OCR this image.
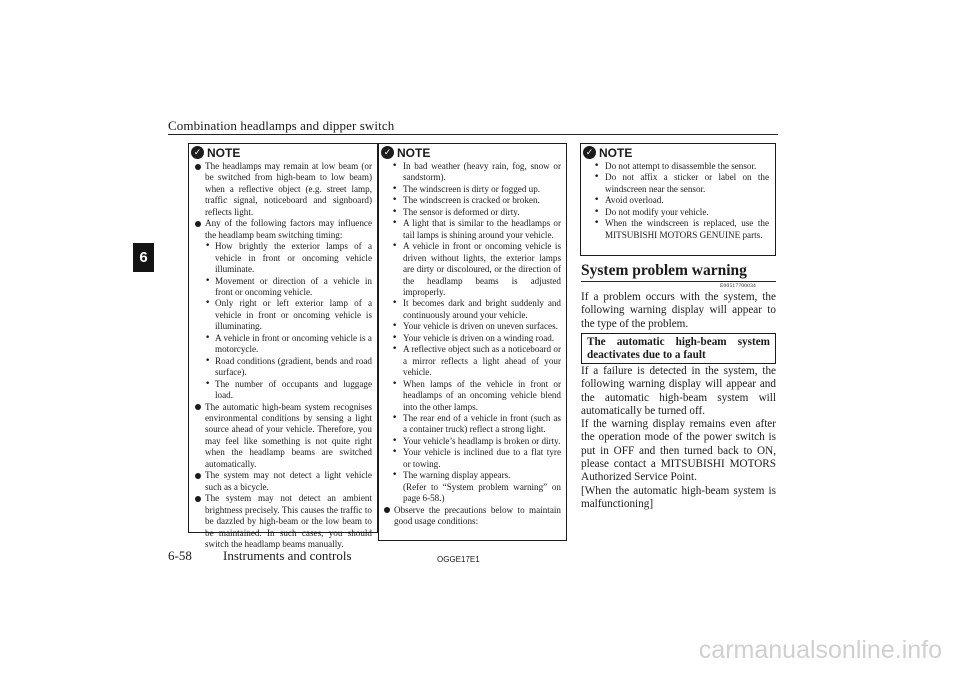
Combination headlamps and dipper switch
6
✓ NOTE
The headlamps may remain at low beam (or be switched from high-beam to low beam) when a reflective object (e.g. street lamp, traffic signal, noticeboard and signboard) reflects light.
Any of the following factors may influence the headlamp beam switching timing:
• How brightly the exterior lamps of a vehicle in front or oncoming vehicle illuminate.
• Movement or direction of a vehicle in front or oncoming vehicle.
• Only right or left exterior lamp of a vehicle in front or oncoming vehicle is illuminating.
• A vehicle in front or oncoming vehicle is a motorcycle.
• Road conditions (gradient, bends and road surface).
• The number of occupants and luggage load.
The automatic high-beam system recognises environmental conditions by sensing a light source ahead of your vehicle. Therefore, you may feel like something is not quite right when the headlamp beams are switched automatically.
The system may not detect a light vehicle such as a bicycle.
The system may not detect an ambient brightness precisely. This causes the traffic to be dazzled by high-beam or the low beam to be maintained. In such cases, you should switch the headlamp beams manually.
✓ NOTE
• In bad weather (heavy rain, fog, snow or sandstorm).
• The windscreen is dirty or fogged up.
• The windscreen is cracked or broken.
• The sensor is deformed or dirty.
• A light that is similar to the headlamps or tail lamps is shining around your vehicle.
• A vehicle in front or oncoming vehicle is driven without lights, the exterior lamps are dirty or discoloured, or the direction of the headlamp beams is adjusted improperly.
• It becomes dark and bright suddenly and continuously around your vehicle.
• Your vehicle is driven on uneven surfaces.
• Your vehicle is driven on a winding road.
• A reflective object such as a noticeboard or a mirror reflects a light ahead of your vehicle.
• When lamps of the vehicle in front or headlamps of an oncoming vehicle blend into the other lamps.
• The rear end of a vehicle in front (such as a container truck) reflect a strong light.
• Your vehicle’s headlamp is broken or dirty.
• Your vehicle is inclined due to a flat tyre or towing.
• The warning display appears.
(Refer to “System problem warning” on page 6-58.)
Observe the precautions below to maintain good usage conditions:
✓ NOTE
• Do not attempt to disassemble the sensor.
• Do not affix a sticker or label on the windscreen near the sensor.
• Avoid overload.
• Do not modify your vehicle.
• When the windscreen is replaced, use the MITSUBISHI MOTORS GENUINE parts.
System problem warning
E00517700034
If a problem occurs with the system, the following warning display will appear to the type of the problem.
The automatic high-beam system deactivates due to a fault

If a failure is detected in the system, the following warning display will appear and the automatic high-beam system will automatically be turned off.

If the warning display remains even after the operation mode of the power switch is put in OFF and then turned back to ON, please contact a MITSUBISHI MOTORS Authorized Service Point.

[When the automatic high-beam system is malfunctioning]

6-58 Instruments and controls	OGGE17E1
carmanualsonline.info
